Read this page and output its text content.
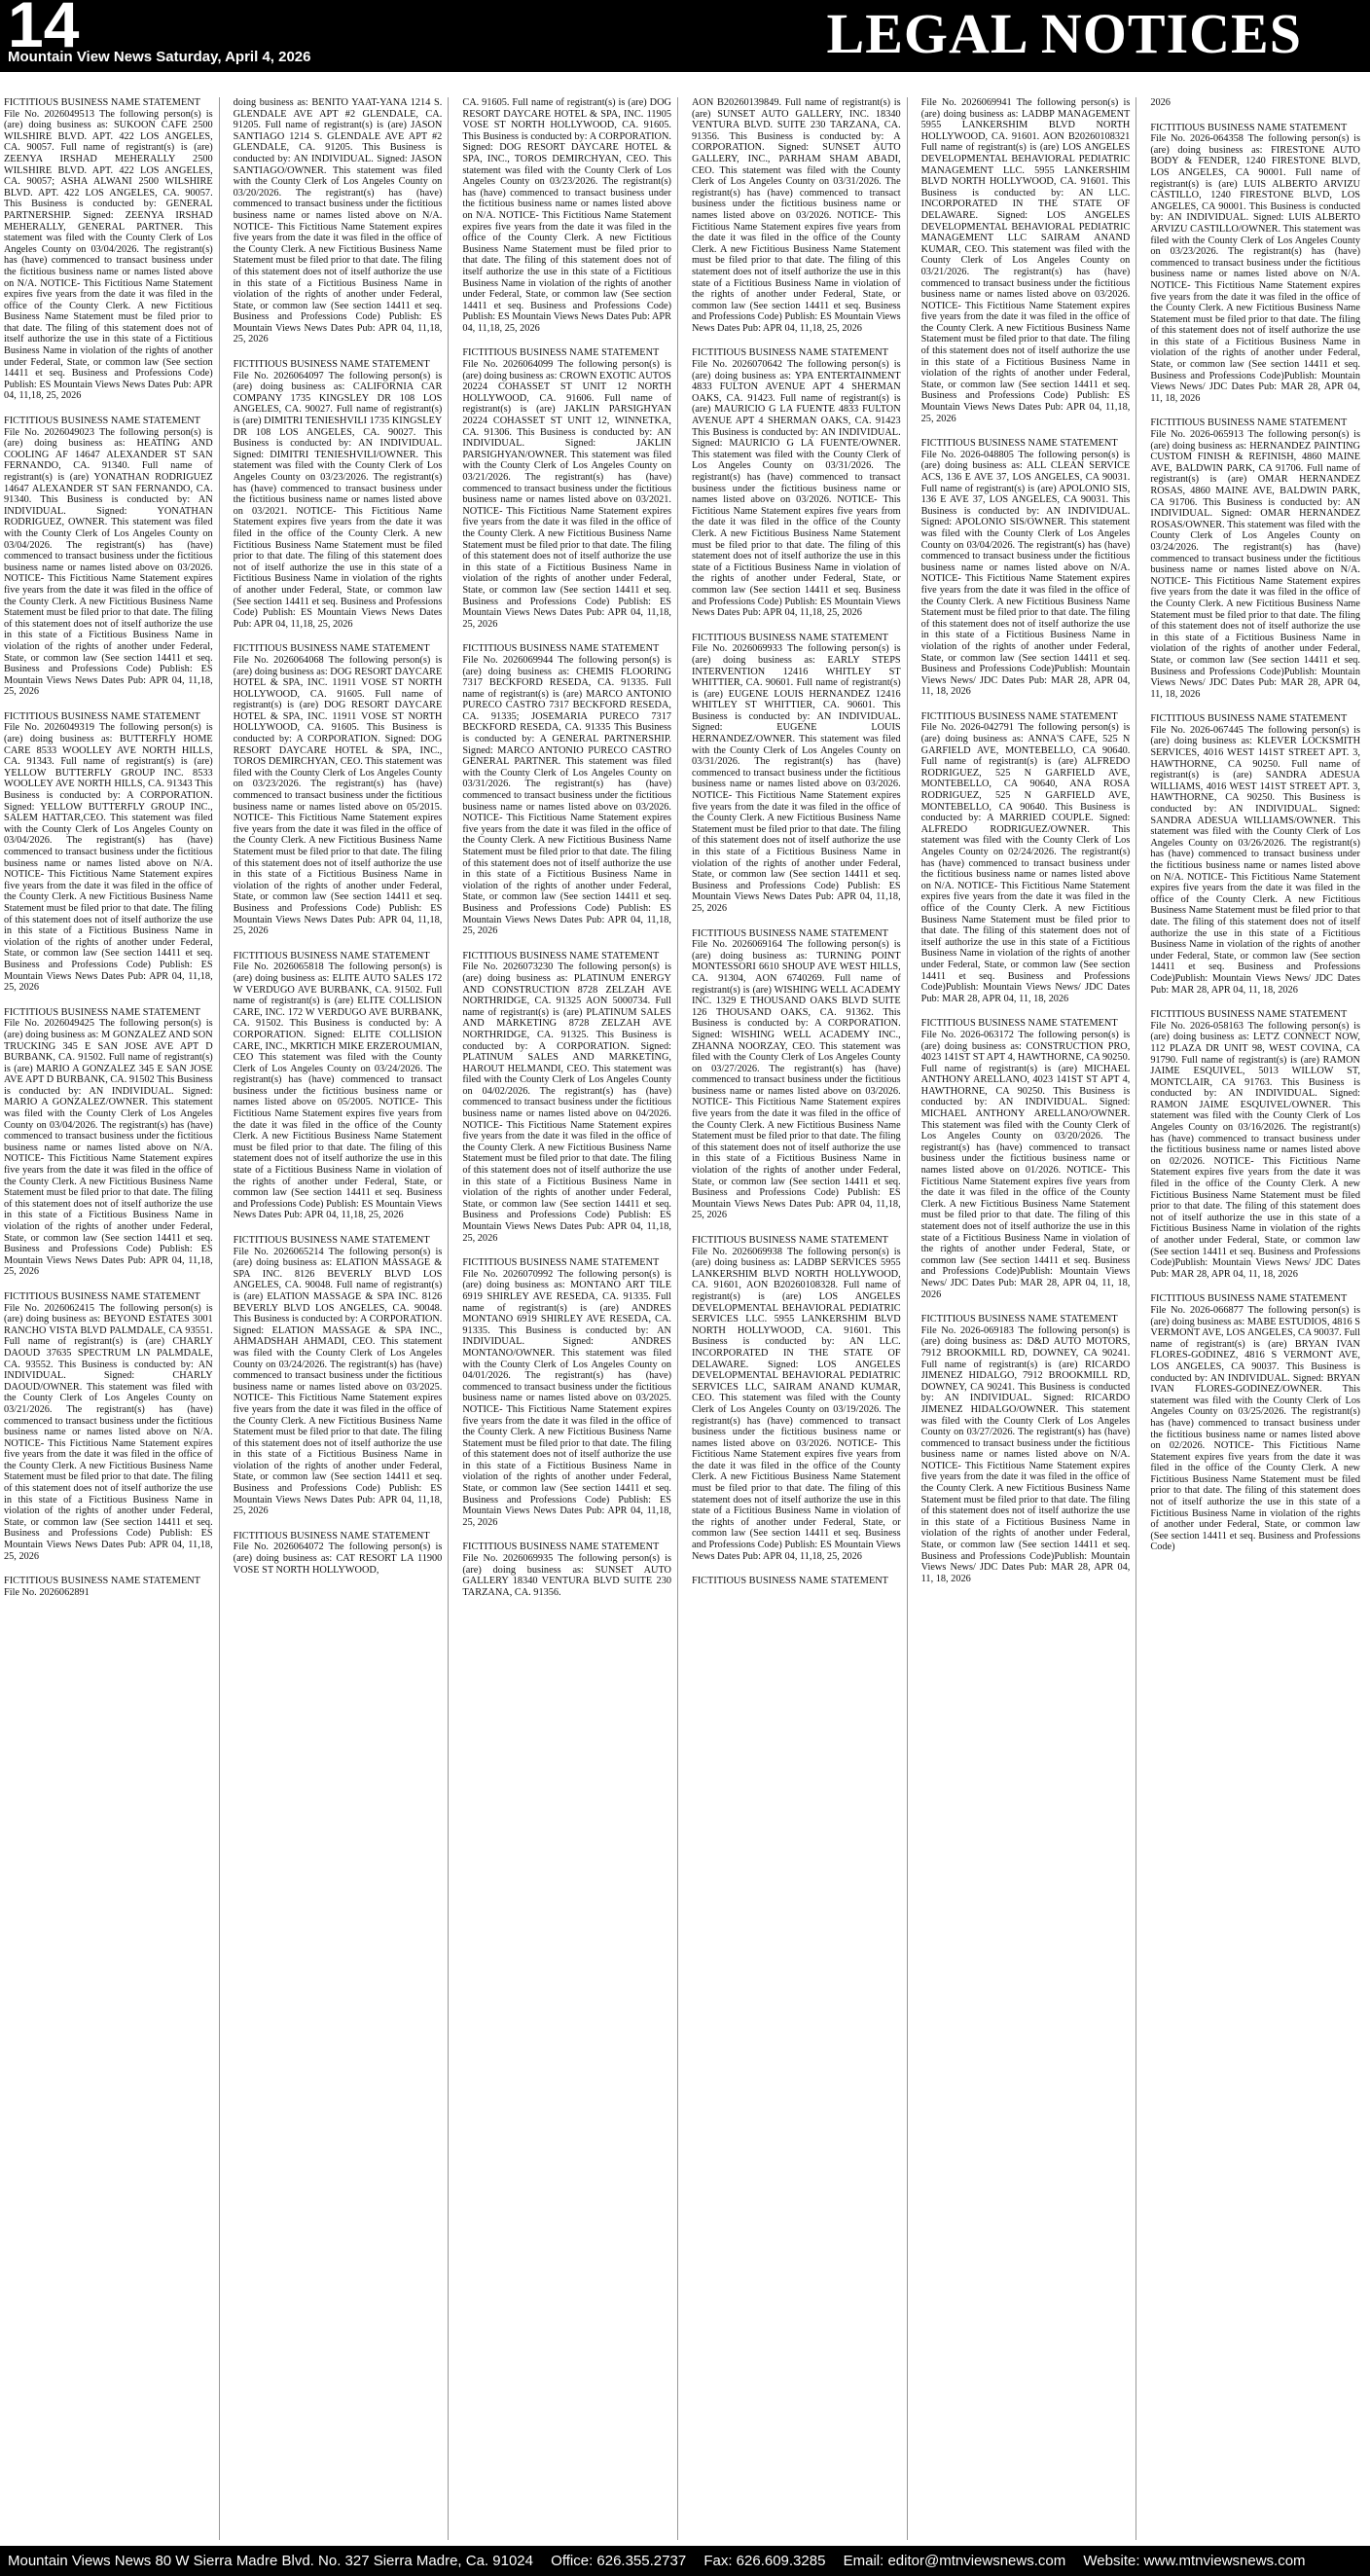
14
Mountain View News Saturday, April 4, 2026	LEGAL NOTICES

FICTITIOUS BUSINESS NAME STATEMENT
File No. 2026049513 The following person(s) is (are) doing business as: SUKOON CAFE 2500 WILSHIRE BLVD. APT. 422 LOS ANGELES, CA. 90057. Full name of registrant(s) is (are) ZEENYA IRSHAD MEHERALLY 2500 WILSHIRE BLVD. APT. 422 LOS ANGELES, CA. 90057; ASHA ALWANI 2500 WILSHIRE BLVD. APT. 422 LOS ANGELES, CA. 90057. This Business is conducted by: GENERAL PARTNERSHIP. Signed: ZEENYA IRSHAD MEHERALLY, GENERAL PARTNER. This statement was filed with the County Clerk of Los Angeles County on 03/04/2026. The registrant(s) has (have) commenced to transact business under the fictitious business name or names listed above on N/A. NOTICE- This Fictitious Name Statement expires five years from the date it was filed in the office of the County Clerk. A new Fictitious Business Name Statement must be filed prior to that date. The filing of this statement does not of itself authorize the use in this state of a Fictitious Business Name in violation of the rights of another under Federal, State, or common law (See section 14411 et seq. Business and Professions Code) Publish: ES Mountain Views News Dates Pub: APR 04, 11,18, 25, 2026

FICTITIOUS BUSINESS NAME STATEMENT
File No. 2026049023 The following person(s) is (are) doing business as: HEATING AND COOLING AF 14647 ALEXANDER ST SAN FERNANDO, CA. 91340. Full name of registrant(s) is (are) YONATHAN RODRIGUEZ 14647 ALEXANDER ST SAN FERNANDO, CA. 91340. This Business is conducted by: AN INDIVIDUAL. Signed: YONATHAN RODRIGUEZ, OWNER. This statement was filed with the County Clerk of Los Angeles County on 03/04/2026. The registrant(s) has (have) commenced to transact business under the fictitious business name or names listed above on 03/2026. NOTICE- This Fictitious Name Statement expires five years from the date it was filed in the office of the County Clerk. A new Fictitious Business Name Statement must be filed prior to that date. The filing of this statement does not of itself authorize the use in this state of a Fictitious Business Name in violation of the rights of another under Federal, State, or common law (See section 14411 et seq. Business and Professions Code) Publish: ES Mountain Views News Dates Pub: APR 04, 11,18, 25, 2026

FICTITIOUS BUSINESS NAME STATEMENT
File No. 2026049319 The following person(s) is (are) doing business as: BUTTERFLY HOME CARE 8533 WOOLLEY AVE NORTH HILLS, CA. 91343. Full name of registrant(s) is (are) YELLOW BUTTERFLY GROUP INC. 8533 WOOLLEY AVE NORTH HILLS, CA. 91343 This Business is conducted by: A CORPORATION. Signed: YELLOW BUTTERFLY GROUP INC., SALEM HATTAR,CEO. This statement was filed with the County Clerk of Los Angeles County on 03/04/2026. The registrant(s) has (have) commenced to transact business under the fictitious business name or names listed above on N/A. NOTICE- This Fictitious Name Statement expires five years from the date it was filed in the office of the County Clerk. A new Fictitious Business Name Statement must be filed prior to that date. The filing of this statement does not of itself authorize the use in this state of a Fictitious Business Name in violation of the rights of another under Federal, State, or common law (See section 14411 et seq. Business and Professions Code) Publish: ES Mountain Views News Dates Pub: APR 04, 11,18, 25, 2026

FICTITIOUS BUSINESS NAME STATEMENT
File No. 2026049425 The following person(s) is (are) doing business as: M GONZALEZ AND SON TRUCKING 345 E SAN JOSE AVE APT D BURBANK, CA. 91502. Full name of registrant(s) is (are) MARIO A GONZALEZ 345 E SAN JOSE AVE APT D BURBANK, CA. 91502 This Business is conducted by: AN INDIVIDUAL. Signed: MARIO A GONZALEZ/OWNER. This statement was filed with the County Clerk of Los Angeles County on 03/04/2026. The registrant(s) has (have) commenced to transact business under the fictitious business name or names listed above on N/A. NOTICE- This Fictitious Name Statement expires five years from the date it was filed in the office of the County Clerk. A new Fictitious Business Name Statement must be filed prior to that date. The filing of this statement does not of itself authorize the use in this state of a Fictitious Business Name in violation of the rights of another under Federal, State, or common law (See section 14411 et seq. Business and Professions Code) Publish: ES Mountain Views News Dates Pub: APR 04, 11,18, 25, 2026

FICTITIOUS BUSINESS NAME STATEMENT
File No. 2026062415 The following person(s) is (are) doing business as: BEYOND ESTATES 3001 RANCHO VISTA BLVD PALMDALE, CA 93551. Full name of registrant(s) is (are) CHARLY DAOUD 37635 SPECTRUM LN PALMDALE, CA. 93552. This Business is conducted by: AN INDIVIDUAL. Signed: CHARLY DAOUD/OWNER. This statement was filed with the County Clerk of Los Angeles County on 03/21/2026. The registrant(s) has (have) commenced to transact business under the fictitious business name or names listed above on N/A. NOTICE- This Fictitious Name Statement expires five years from the date it was filed in the office of the County Clerk. A new Fictitious Business Name Statement must be filed prior to that date. The filing of this statement does not of itself authorize the use in this state of a Fictitious Business Name in violation of the rights of another under Federal, State, or common law (See section 14411 et seq. Business and Professions Code) Publish: ES Mountain Views News Dates Pub: APR 04, 11,18, 25, 2026

FICTITIOUS BUSINESS NAME STATEMENT
File No. 2026062891

doing business as: BENITO YAAT-YANA 1214 S. GLENDALE AVE APT #2 GLENDALE, CA. 91205. Full name of registrant(s) is (are) JASON SANTIAGO 1214 S. GLENDALE AVE APT #2 GLENDALE, CA. 91205. This Business is conducted by: AN INDIVIDUAL. Signed: JASON SANTIAGO/OWNER. This statement was filed with the County Clerk of Los Angeles County on 03/20/2026. The registrant(s) has (have) commenced to transact business under the fictitious business name or names listed above on N/A. NOTICE- This Fictitious Name Statement expires five years from the date it was filed in the office of the County Clerk. A new Fictitious Business Name Statement must be filed prior to that date. The filing of this statement does not of itself authorize the use in this state of a Fictitious Business Name in violation of the rights of another under Federal, State, or common law (See section 14411 et seq. Business and Professions Code) Publish: ES Mountain Views News Dates Pub: APR 04, 11,18, 25, 2026

FICTITIOUS BUSINESS NAME STATEMENT
File No. 2026064097 The following person(s) is (are) doing business as: CALIFORNIA CAR COMPANY 1735 KINGSLEY DR 108 LOS ANGELES, CA. 90027. Full name of registrant(s) is (are) DIMITRI TENIESHVILI 1735 KINGSLEY DR 108 LOS ANGELES, CA. 90027. This Business is conducted by: AN INDIVIDUAL. Signed: DIMITRI TENIESHVILI/OWNER. This statement was filed with the County Clerk of Los Angeles County on 03/23/2026. The registrant(s) has (have) commenced to transact business under the fictitious business name or names listed above on 03/2021. NOTICE- This Fictitious Name Statement expires five years from the date it was filed in the office of the County Clerk. A new Fictitious Business Name Statement must be filed prior to that date. The filing of this statement does not of itself authorize the use in this state of a Fictitious Business Name in violation of the rights of another under Federal, State, or common law (See section 14411 et seq. Business and Professions Code) Publish: ES Mountain Views News Dates Pub: APR 04, 11,18, 25, 2026

FICTITIOUS BUSINESS NAME STATEMENT
File No. 2026064068 The following person(s) is (are) doing business as: DOG RESORT DAYCARE HOTEL & SPA, INC. 11911 VOSE ST NORTH HOLLYWOOD, CA. 91605. Full name of registrant(s) is (are) DOG RESORT DAYCARE HOTEL & SPA, INC. 11911 VOSE ST NORTH HOLLYWOOD, CA. 91605. This Business is conducted by: A CORPORATION. Signed: DOG RESORT DAYCARE HOTEL & SPA, INC., TOROS DEMIRCHYAN, CEO. This statement was filed with the County Clerk of Los Angeles County on 03/23/2026. The registrant(s) has (have) commenced to transact business under the fictitious business name or names listed above on 05/2015. NOTICE- This Fictitious Name Statement expires five years from the date it was filed in the office of the County Clerk. A new Fictitious Business Name Statement must be filed prior to that date. The filing of this statement does not of itself authorize the use in this state of a Fictitious Business Name in violation of the rights of another under Federal, State, or common law (See section 14411 et seq. Business and Professions Code) Publish: ES Mountain Views News Dates Pub: APR 04, 11,18, 25, 2026

FICTITIOUS BUSINESS NAME STATEMENT
File No. 2026065818 The following person(s) is (are) doing business as: ELITE AUTO SALES 172 W VERDUGO AVE BURBANK, CA. 91502. Full name of registrant(s) is (are) ELITE COLLISION CARE, INC. 172 W VERDUGO AVE BURBANK, CA. 91502. This Business is conducted by: A CORPORATION. Signed: ELITE COLLISION CARE, INC., MKRTICH MIKE ERZEROUMIAN, CEO This statement was filed with the County Clerk of Los Angeles County on 03/24/2026. The registrant(s) has (have) commenced to transact business under the fictitious business name or names listed above on 05/2005. NOTICE- This Fictitious Name Statement expires five years from the date it was filed in the office of the County Clerk. A new Fictitious Business Name Statement must be filed prior to that date. The filing of this statement does not of itself authorize the use in this state of a Fictitious Business Name in violation of the rights of another under Federal, State, or common law (See section 14411 et seq. Business and Professions Code) Publish: ES Mountain Views News Dates Pub: APR 04, 11,18, 25, 2026

FICTITIOUS BUSINESS NAME STATEMENT
File No. 2026065214 The following person(s) is (are) doing business as: ELATION MASSAGE & SPA INC. 8126 BEVERLY BLVD LOS ANGELES, CA. 90048. Full name of registrant(s) is (are) ELATION MASSAGE & SPA INC. 8126 BEVERLY BLVD LOS ANGELES, CA. 90048. This Business is conducted by: A CORPORATION. Signed: ELATION MASSAGE & SPA INC., AHMADSHAH AHMADI, CEO. This statement was filed with the County Clerk of Los Angeles County on 03/24/2026. The registrant(s) has (have) commenced to transact business under the fictitious business name or names listed above on 03/2025. NOTICE- This Fictitious Name Statement expires five years from the date it was filed in the office of the County Clerk. A new Fictitious Business Name Statement must be filed prior to that date. The filing of this statement does not of itself authorize the use in this state of a Fictitious Business Name in violation of the rights of another under Federal, State, or common law (See section 14411 et seq. Business and Professions Code) Publish: ES Mountain Views News Dates Pub: APR 04, 11,18, 25, 2026

FICTITIOUS BUSINESS NAME STATEMENT
File No. 2026064072 The following person(s) is (are) doing business as: CAT RESORT LA 11900 VOSE ST NORTH HOLLYWOOD,

CA. 91605. Full name of registrant(s) is (are) DOG RESORT DAYCARE HOTEL & SPA, INC. 11905 VOSE ST NORTH HOLLYWOOD, CA. 91605. This Business is conducted by: A CORPORATION. Signed: DOG RESORT DAYCARE HOTEL & SPA, INC., TOROS DEMIRCHYAN, CEO. This statement was filed with the County Clerk of Los Angeles County on 03/23/2026. The registrant(s) has (have) commenced to transact business under the fictitious business name or names listed above on N/A. NOTICE- This Fictitious Name Statement expires five years from the date it was filed in the office of the County Clerk. A new Fictitious Business Name Statement must be filed prior to that date. The filing of this statement does not of itself authorize the use in this state of a Fictitious Business Name in violation of the rights of another under Federal, State, or common law (See section 14411 et seq. Business and Professions Code) Publish: ES Mountain Views News Dates Pub: APR 04, 11,18, 25, 2026

FICTITIOUS BUSINESS NAME STATEMENT
File No. 2026064099 The following person(s) is (are) doing business as: CROWN EXOTIC AUTOS 20224 COHASSET ST UNIT 12 NORTH HOLLYWOOD, CA. 91606. Full name of registrant(s) is (are) JAKLIN PARSIGHYAN 20224 COHASSET ST UNIT 12, WINNETKA, CA. 91306. This Business is conducted by: AN INDIVIDUAL. Signed: JAKLIN PARSIGHYAN/OWNER. This statement was filed with the County Clerk of Los Angeles County on 03/21/2026. The registrant(s) has (have) commenced to transact business under the fictitious business name or names listed above on 03/2021. NOTICE- This Fictitious Name Statement expires five years from the date it was filed in the office of the County Clerk. A new Fictitious Business Name Statement must be filed prior to that date. The filing of this statement does not of itself authorize the use in this state of a Fictitious Business Name in violation of the rights of another under Federal, State, or common law (See section 14411 et seq. Business and Professions Code) Publish: ES Mountain Views News Dates Pub: APR 04, 11,18, 25, 2026

FICTITIOUS BUSINESS NAME STATEMENT
File No. 2026069944 The following person(s) is (are) doing business as: CHEMIS FLOORING 7317 BECKFORD RESEDA, CA. 91335. Full name of registrant(s) is (are) MARCO ANTONIO PURECO CASTRO 7317 BECKFORD RESEDA, CA. 91335; JOSEMARIA PURECO 7317 BECKFORD RESEDA, CA. 91335 This Business is conducted by: A GENERAL PARTNERSHIP. Signed: MARCO ANTONIO PURECO CASTRO GENERAL PARTNER. This statement was filed with the County Clerk of Los Angeles County on 03/31/2026. The registrant(s) has (have) commenced to transact business under the fictitious business name or names listed above on 03/2026. NOTICE- This Fictitious Name Statement expires five years from the date it was filed in the office of the County Clerk. A new Fictitious Business Name Statement must be filed prior to that date. The filing of this statement does not of itself authorize the use in this state of a Fictitious Business Name in violation of the rights of another under Federal, State, or common law (See section 14411 et seq. Business and Professions Code) Publish: ES Mountain Views News Dates Pub: APR 04, 11,18, 25, 2026

FICTITIOUS BUSINESS NAME STATEMENT
File No. 2026073230 The following person(s) is (are) doing business as: PLATINUM ENERGY AND CONSTRUCTION 8728 ZELZAH AVE NORTHRIDGE, CA. 91325 AON 5000734. Full name of registrant(s) is (are) PLATINUM SALES AND MARKETING 8728 ZELZAH AVE NORTHRIDGE, CA. 91325. This Business is conducted by: A CORPORATION. Signed: PLATINUM SALES AND MARKETING, HAROUT HELMANDI, CEO. This statement was filed with the County Clerk of Los Angeles County on 04/02/2026. The registrant(s) has (have) commenced to transact business under the fictitious business name or names listed above on 04/2026. NOTICE- This Fictitious Name Statement expires five years from the date it was filed in the office of the County Clerk. A new Fictitious Business Name Statement must be filed prior to that date. The filing of this statement does not of itself authorize the use in this state of a Fictitious Business Name in violation of the rights of another under Federal, State, or common law (See section 14411 et seq. Business and Professions Code) Publish: ES Mountain Views News Dates Pub: APR 04, 11,18, 25, 2026

FICTITIOUS BUSINESS NAME STATEMENT
File No. 2026070992 The following person(s) is (are) doing business as: MONTANO ART TILE 6919 SHIRLEY AVE RESEDA, CA. 91335. Full name of registrant(s) is (are) ANDRES MONTANO 6919 SHIRLEY AVE RESEDA, CA. 91335. This Business is conducted by: AN INDIVIDUAL. Signed: ANDRES MONTANO/OWNER. This statement was filed with the County Clerk of Los Angeles County on 04/01/2026. The registrant(s) has (have) commenced to transact business under the fictitious business name or names listed above on 03/2025. NOTICE- This Fictitious Name Statement expires five years from the date it was filed in the office of the County Clerk. A new Fictitious Business Name Statement must be filed prior to that date. The filing of this statement does not of itself authorize the use in this state of a Fictitious Business Name in violation of the rights of another under Federal, State, or common law (See section 14411 et seq. Business and Professions Code) Publish: ES Mountain Views News Dates Pub: APR 04, 11,18, 25, 2026

FICTITIOUS BUSINESS NAME STATEMENT
File No. 2026069935 The following person(s) is (are) doing business as: SUNSET AUTO GALLERY 18340 VENTURA BLVD SUITE 230 TARZANA, CA. 91356.

AON B20260139849. Full name of registrant(s) is (are) SUNSET AUTO GALLERY, INC. 18340 VENTURA BLVD. SUITE 230 TARZANA, CA. 91356. This Business is conducted by: A CORPORATION. Signed: SUNSET AUTO GALLERY, INC., PARHAM SHAM ABADI, CEO. This statement was filed with the County Clerk of Los Angeles County on 03/31/2026. The registrant(s) has (have) commenced to transact business under the fictitious business name or names listed above on 03/2026. NOTICE- This Fictitious Name Statement expires five years from the date it was filed in the office of the County Clerk. A new Fictitious Business Name Statement must be filed prior to that date. The filing of this statement does not of itself authorize the use in this state of a Fictitious Business Name in violation of the rights of another under Federal, State, or common law (See section 14411 et seq. Business and Professions Code) Publish: ES Mountain Views News Dates Pub: APR 04, 11,18, 25, 2026

FICTITIOUS BUSINESS NAME STATEMENT
File No. 2026070642 The following person(s) is (are) doing business as: YPA ENTERTAINMENT 4833 FULTON AVENUE APT 4 SHERMAN OAKS, CA. 91423. Full name of registrant(s) is (are) MAURICIO G LA FUENTE 4833 FULTON AVENUE APT 4 SHERMAN OAKS, CA. 91423 This Business is conducted by: AN INDIVIDUAL. Signed: MAURICIO G LA FUENTE/OWNER. This statement was filed with the County Clerk of Los Angeles County on 03/31/2026. The registrant(s) has (have) commenced to transact business under the fictitious business name or names listed above on 03/2026. NOTICE- This Fictitious Name Statement expires five years from the date it was filed in the office of the County Clerk. A new Fictitious Business Name Statement must be filed prior to that date. The filing of this statement does not of itself authorize the use in this state of a Fictitious Business Name in violation of the rights of another under Federal, State, or common law (See section 14411 et seq. Business and Professions Code) Publish: ES Mountain Views News Dates Pub: APR 04, 11,18, 25, 2026

FICTITIOUS BUSINESS NAME STATEMENT
File No. 2026069933 The following person(s) is (are) doing business as: EARLY STEPS INTERVENTION 12416 WHITLEY ST WHITTIER, CA. 90601. Full name of registrant(s) is (are) EUGENE LOUIS HERNANDEZ 12416 WHITLEY ST WHITTIER, CA. 90601. This Business is conducted by: AN INDIVIDUAL. Signed: EUGENE LOUIS HERNANDEZ/OWNER. This statement was filed with the County Clerk of Los Angeles County on 03/31/2026. The registrant(s) has (have) commenced to transact business under the fictitious business name or names listed above on 03/2026. NOTICE- This Fictitious Name Statement expires five years from the date it was filed in the office of the County Clerk. A new Fictitious Business Name Statement must be filed prior to that date. The filing of this statement does not of itself authorize the use in this state of a Fictitious Business Name in violation of the rights of another under Federal, State, or common law (See section 14411 et seq. Business and Professions Code) Publish: ES Mountain Views News Dates Pub: APR 04, 11,18, 25, 2026

FICTITIOUS BUSINESS NAME STATEMENT
File No. 2026069164 The following person(s) is (are) doing business as: TURNING POINT MONTESSORI 6610 SHOUP AVE WEST HILLS, CA. 91304, AON 6740269. Full name of registrant(s) is (are) WISHING WELL ACADEMY INC. 1329 E THOUSAND OAKS BLVD SUITE 126 THOUSAND OAKS, CA. 91362. This Business is conducted by: A CORPORATION. Signed: WISHING WELL ACADEMY INC., ZHANNA NOORZAY, CEO. This statement was filed with the County Clerk of Los Angeles County on 03/27/2026. The registrant(s) has (have) commenced to transact business under the fictitious business name or names listed above on 03/2026. NOTICE- This Fictitious Name Statement expires five years from the date it was filed in the office of the County Clerk. A new Fictitious Business Name Statement must be filed prior to that date. The filing of this statement does not of itself authorize the use in this state of a Fictitious Business Name in violation of the rights of another under Federal, State, or common law (See section 14411 et seq. Business and Professions Code) Publish: ES Mountain Views News Dates Pub: APR 04, 11,18, 25, 2026

FICTITIOUS BUSINESS NAME STATEMENT
File No. 2026069938 The following person(s) is (are) doing business as: LADBP SERVICES 5955 LANKERSHIM BLVD NORTH HOLLYWOOD, CA. 91601, AON B20260108328. Full name of registrant(s) is (are) LOS ANGELES DEVELOPMENTAL BEHAVIORAL PEDIATRIC SERVICES LLC. 5955 LANKERSHIM BLVD NORTH HOLLYWOOD, CA. 91601. This Business is conducted by: AN LLC. INCORPORATED IN THE STATE OF DELAWARE. Signed: LOS ANGELES DEVELOPMENTAL BEHAVIORAL PEDIATRIC SERVICES LLC, SAIRAM ANAND KUMAR, CEO. This statement was filed with the County Clerk of Los Angeles County on 03/19/2026. The registrant(s) has (have) commenced to transact business under the fictitious business name or names listed above on 03/2026. NOTICE- This Fictitious Name Statement expires five years from the date it was filed in the office of the County Clerk. A new Fictitious Business Name Statement must be filed prior to that date. The filing of this statement does not of itself authorize the use in this state of a Fictitious Business Name in violation of the rights of another under Federal, State, or common law (See section 14411 et seq. Business and Professions Code) Publish: ES Mountain Views News Dates Pub: APR 04, 11,18, 25, 2026

FICTITIOUS BUSINESS NAME STATEMENT

File No. 2026069941 The following person(s) is (are) doing business as: LADBP MANAGEMENT 5955 LANKERSHIM BLVD NORTH HOLLYWOOD, CA. 91601. AON B20260108321 Full name of registrant(s) is (are) LOS ANGELES DEVELOPMENTAL BEHAVIORAL PEDIATRIC MANAGEMENT LLC. 5955 LANKERSHIM BLVD NORTH HOLLYWOOD, CA. 91601. This Business is conducted by: AN LLC. INCORPORATED IN THE STATE OF DELAWARE. Signed: LOS ANGELES DEVELOPMENTAL BEHAVIORAL PEDIATRIC MANAGEMENT LLC SAIRAM ANAND KUMAR, CEO. This statement was filed with the County Clerk of Los Angeles County on 03/21/2026. The registrant(s) has (have) commenced to transact business under the fictitious business name or names listed above on 03/2026. NOTICE- This Fictitious Name Statement expires five years from the date it was filed in the office of the County Clerk. A new Fictitious Business Name Statement must be filed prior to that date. The filing of this statement does not of itself authorize the use in this state of a Fictitious Business Name in violation of the rights of another under Federal, State, or common law (See section 14411 et seq. Business and Professions Code) Publish: ES Mountain Views News Dates Pub: APR 04, 11,18, 25, 2026

FICTITIOUS BUSINESS NAME STATEMENT
File No. 2026-048805 The following person(s) is (are) doing business as: ALL CLEAN SERVICE ACS, 136 E AVE 37, LOS ANGELES, CA 90031. Full name of registrant(s) is (are) APOLONIO SIS, 136 E AVE 37, LOS ANGELES, CA 90031. This Business is conducted by: AN INDIVIDUAL. Signed: APOLONIO SIS/OWNER. This statement was filed with the County Clerk of Los Angeles County on 03/04/2026. The registrant(s) has (have) commenced to transact business under the fictitious business name or names listed above on N/A. NOTICE- This Fictitious Name Statement expires five years from the date it was filed in the office of the County Clerk. A new Fictitious Business Name Statement must be filed prior to that date. The filing of this statement does not of itself authorize the use in this state of a Fictitious Business Name in violation of the rights of another under Federal, State, or common law (See section 14411 et seq. Business and Professions Code)Publish: Mountain Views News/ JDC Dates Pub: MAR 28, APR 04, 11, 18, 2026

FICTITIOUS BUSINESS NAME STATEMENT
File No. 2026-042791 The following person(s) is (are) doing business as: ANNA'S CAFE, 525 N GARFIELD AVE, MONTEBELLO, CA 90640. Full name of registrant(s) is (are) ALFREDO RODRIGUEZ, 525 N GARFIELD AVE, MONTEBELLO, CA 90640, ANA ROSA RODRIGUEZ, 525 N GARFIELD AVE, MONTEBELLO, CA 90640. This Business is conducted by: A MARRIED COUPLE. Signed: ALFREDO RODRIGUEZ/OWNER. This statement was filed with the County Clerk of Los Angeles County on 02/24/2026. The registrant(s) has (have) commenced to transact business under the fictitious business name or names listed above on N/A. NOTICE- This Fictitious Name Statement expires five years from the date it was filed in the office of the County Clerk. A new Fictitious Business Name Statement must be filed prior to that date. The filing of this statement does not of itself authorize the use in this state of a Fictitious Business Name in violation of the rights of another under Federal, State, or common law (See section 14411 et seq. Business and Professions Code)Publish: Mountain Views News/ JDC Dates Pub: MAR 28, APR 04, 11, 18, 2026

FICTITIOUS BUSINESS NAME STATEMENT
File No. 2026-063172 The following person(s) is (are) doing business as: CONSTRUCTION PRO, 4023 141ST ST APT 4, HAWTHORNE, CA 90250. Full name of registrant(s) is (are) MICHAEL ANTHONY ARELLANO, 4023 141ST ST APT 4, HAWTHORNE, CA 90250. This Business is conducted by: AN INDIVIDUAL. Signed: MICHAEL ANTHONY ARELLANO/OWNER. This statement was filed with the County Clerk of Los Angeles County on 03/20/2026. The registrant(s) has (have) commenced to transact business under the fictitious business name or names listed above on 01/2026. NOTICE- This Fictitious Name Statement expires five years from the date it was filed in the office of the County Clerk. A new Fictitious Business Name Statement must be filed prior to that date. The filing of this statement does not of itself authorize the use in this state of a Fictitious Business Name in violation of the rights of another under Federal, State, or common law (See section 14411 et seq. Business and Professions Code)Publish: Mountain Views News/ JDC Dates Pub: MAR 28, APR 04, 11, 18, 2026

FICTITIOUS BUSINESS NAME STATEMENT
File No. 2026-069183 The following person(s) is (are) doing business as: D&D AUTO MOTORS, 7912 BROOKMILL RD, DOWNEY, CA 90241. Full name of registrant(s) is (are) RICARDO JIMENEZ HIDALGO, 7912 BROOKMILL RD, DOWNEY, CA 90241. This Business is conducted by: AN INDIVIDUAL. Signed: RICARDO JIMENEZ HIDALGO/OWNER. This statement was filed with the County Clerk of Los Angeles County on 03/27/2026. The registrant(s) has (have) commenced to transact business under the fictitious business name or names listed above on N/A. NOTICE- This Fictitious Name Statement expires five years from the date it was filed in the office of the County Clerk. A new Fictitious Business Name Statement must be filed prior to that date. The filing of this statement does not of itself authorize the use in this state of a Fictitious Business Name in violation of the rights of another under Federal, State, or common law (See section 14411 et seq. Business and Professions Code)Publish: Mountain Views News/ JDC Dates Pub: MAR 28, APR 04, 11, 18, 2026

2026

FICTITIOUS BUSINESS NAME STATEMENT
File No. 2026-064358 The following person(s) is (are) doing business as: FIRESTONE AUTO BODY & FENDER, 1240 FIRESTONE BLVD, LOS ANGELES, CA 90001. Full name of registrant(s) is (are) LUIS ALBERTO ARVIZU CASTILLO, 1240 FIRESTONE BLVD, LOS ANGELES, CA 90001. This Business is conducted by: AN INDIVIDUAL. Signed: LUIS ALBERTO ARVIZU CASTILLO/OWNER. This statement was filed with the County Clerk of Los Angeles County on 03/23/2026. The registrant(s) has (have) commenced to transact business under the fictitious business name or names listed above on N/A. NOTICE- This Fictitious Name Statement expires five years from the date it was filed in the office of the County Clerk. A new Fictitious Business Name Statement must be filed prior to that date. The filing of this statement does not of itself authorize the use in this state of a Fictitious Business Name in violation of the rights of another under Federal, State, or common law (See section 14411 et seq. Business and Professions Code)Publish: Mountain Views News/ JDC Dates Pub: MAR 28, APR 04, 11, 18, 2026

FICTITIOUS BUSINESS NAME STATEMENT
File No. 2026-065913 The following person(s) is (are) doing business as: HERNANDEZ PAINTING CUSTOM FINISH & REFINISH, 4860 MAINE AVE, BALDWIN PARK, CA 91706. Full name of registrant(s) is (are) OMAR HERNANDEZ ROSAS, 4860 MAINE AVE, BALDWIN PARK, CA 91706. This Business is conducted by: AN INDIVIDUAL. Signed: OMAR HERNANDEZ ROSAS/OWNER. This statement was filed with the County Clerk of Los Angeles County on 03/24/2026. The registrant(s) has (have) commenced to transact business under the fictitious business name or names listed above on N/A. NOTICE- This Fictitious Name Statement expires five years from the date it was filed in the office of the County Clerk. A new Fictitious Business Name Statement must be filed prior to that date. The filing of this statement does not of itself authorize the use in this state of a Fictitious Business Name in violation of the rights of another under Federal, State, or common law (See section 14411 et seq. Business and Professions Code)Publish: Mountain Views News/ JDC Dates Pub: MAR 28, APR 04, 11, 18, 2026

FICTITIOUS BUSINESS NAME STATEMENT
File No. 2026-067445 The following person(s) is (are) doing business as: KLEVER LOCKSMITH SERVICES, 4016 WEST 141ST STREET APT. 3, HAWTHORNE, CA 90250. Full name of registrant(s) is (are) SANDRA ADESUA WILLIAMS, 4016 WEST 141ST STREET APT. 3, HAWTHORNE, CA 90250. This Business is conducted by: AN INDIVIDUAL. Signed: SANDRA ADESUA WILLIAMS/OWNER. This statement was filed with the County Clerk of Los Angeles County on 03/26/2026. The registrant(s) has (have) commenced to transact business under the fictitious business name or names listed above on N/A. NOTICE- This Fictitious Name Statement expires five years from the date it was filed in the office of the County Clerk. A new Fictitious Business Name Statement must be filed prior to that date. The filing of this statement does not of itself authorize the use in this state of a Fictitious Business Name in violation of the rights of another under Federal, State, or common law (See section 14411 et seq. Business and Professions Code)Publish: Mountain Views News/ JDC Dates Pub: MAR 28, APR 04, 11, 18, 2026

FICTITIOUS BUSINESS NAME STATEMENT
File No. 2026-058163 The following person(s) is (are) doing business as: LET'Z CONNECT NOW, 112 PLAZA DR UNIT 98, WEST COVINA, CA 91790. Full name of registrant(s) is (are) RAMON JAIME ESQUIVEL, 5013 WILLOW ST, MONTCLAIR, CA 91763. This Business is conducted by: AN INDIVIDUAL. Signed: RAMON JAIME ESQUIVEL/OWNER. This statement was filed with the County Clerk of Los Angeles County on 03/16/2026. The registrant(s) has (have) commenced to transact business under the fictitious business name or names listed above on 02/2026. NOTICE- This Fictitious Name Statement expires five years from the date it was filed in the office of the County Clerk. A new Fictitious Business Name Statement must be filed prior to that date. The filing of this statement does not of itself authorize the use in this state of a Fictitious Business Name in violation of the rights of another under Federal, State, or common law (See section 14411 et seq. Business and Professions Code)Publish: Mountain Views News/ JDC Dates Pub: MAR 28, APR 04, 11, 18, 2026

FICTITIOUS BUSINESS NAME STATEMENT
File No. 2026-066877 The following person(s) is (are) doing business as: MABE ESTUDIOS, 4816 S VERMONT AVE, LOS ANGELES, CA 90037. Full name of registrant(s) is (are) BRYAN IVAN FLORES-GODINEZ, 4816 S VERMONT AVE, LOS ANGELES, CA 90037. This Business is conducted by: AN INDIVIDUAL. Signed: BRYAN IVAN FLORES-GODINEZ/OWNER. This statement was filed with the County Clerk of Los Angeles County on 03/25/2026. The registrant(s) has (have) commenced to transact business under the fictitious business name or names listed above on 02/2026. NOTICE- This Fictitious Name Statement expires five years from the date it was filed in the office of the County Clerk. A new Fictitious Business Name Statement must be filed prior to that date. The filing of this statement does not of itself authorize the use in this state of a Fictitious Business Name in violation of the rights of another under Federal, State, or common law (See section 14411 et seq. Business and Professions Code)

Mountain Views News 80 W Sierra Madre Blvd. No. 327 Sierra Madre, Ca. 91024 Office: 626.355.2737 Fax: 626.609.3285 Email: editor@mtnviewsnews.com Website: www.mtnviewsnews.com
